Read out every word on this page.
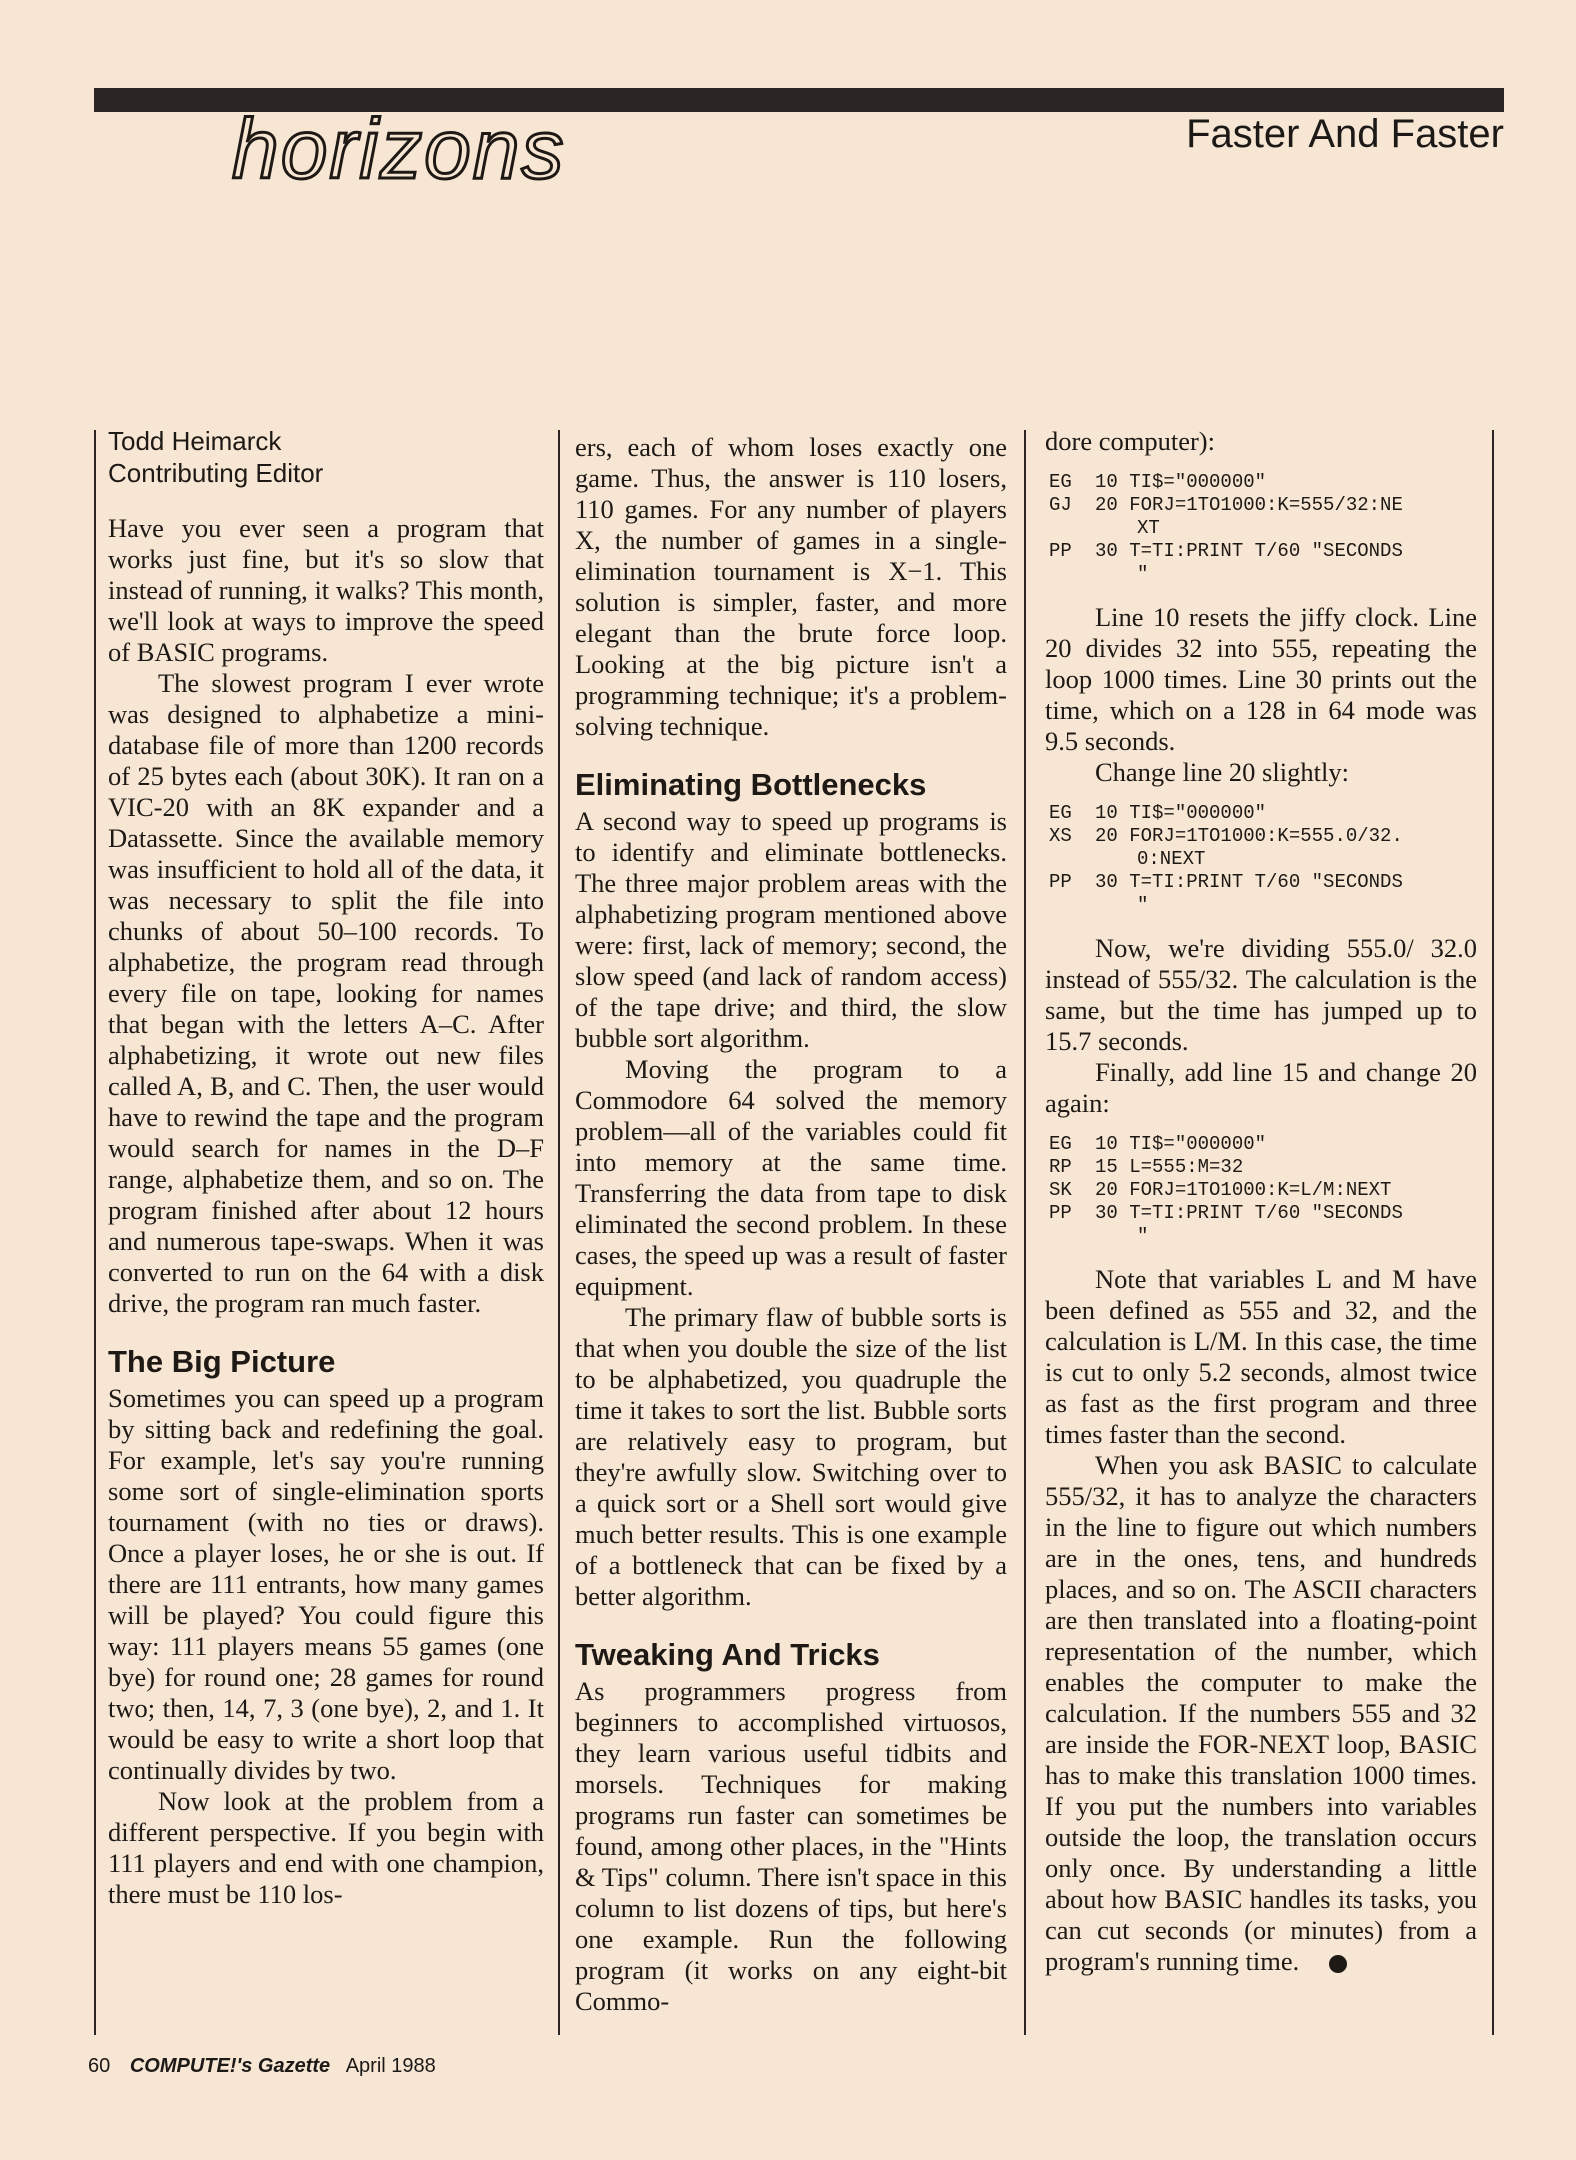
horizons	Faster And Faster
Todd Heimarck
Contributing Editor

Have you ever seen a program that works just fine, but it's so slow that instead of running, it walks? This month, we'll look at ways to improve the speed of BASIC programs.

The slowest program I ever wrote was designed to alphabetize a mini-database file of more than 1200 records of 25 bytes each (about 30K). It ran on a VIC-20 with an 8K expander and a Datassette. Since the available memory was insufficient to hold all of the data, it was necessary to split the file into chunks of about 50–100 records. To alphabetize, the program read through every file on tape, looking for names that began with the letters A–C. After alphabetizing, it wrote out new files called A, B, and C. Then, the user would have to rewind the tape and the program would search for names in the D–F range, alphabetize them, and so on. The program finished after about 12 hours and numerous tape-swaps. When it was converted to run on the 64 with a disk drive, the program ran much faster.

The Big Picture

Sometimes you can speed up a program by sitting back and redefining the goal. For example, let's say you're running some sort of single-elimination sports tournament (with no ties or draws). Once a player loses, he or she is out. If there are 111 entrants, how many games will be played? You could figure this way: 111 players means 55 games (one bye) for round one; 28 games for round two; then, 14, 7, 3 (one bye), 2, and 1. It would be easy to write a short loop that continually divides by two.

Now look at the problem from a different perspective. If you begin with 111 players and end with one champion, there must be 110 los-

ers, each of whom loses exactly one game. Thus, the answer is 110 losers, 110 games. For any number of players X, the number of games in a single-elimination tournament is X−1. This solution is simpler, faster, and more elegant than the brute force loop. Looking at the big picture isn't a programming technique; it's a problem-solving technique.

Eliminating Bottlenecks

A second way to speed up programs is to identify and eliminate bottlenecks. The three major problem areas with the alphabetizing program mentioned above were: first, lack of memory; second, the slow speed (and lack of random access) of the tape drive; and third, the slow bubble sort algorithm.

Moving the program to a Commodore 64 solved the memory problem—all of the variables could fit into memory at the same time. Transferring the data from tape to disk eliminated the second problem. In these cases, the speed up was a result of faster equipment.

The primary flaw of bubble sorts is that when you double the size of the list to be alphabetized, you quadruple the time it takes to sort the list. Bubble sorts are relatively easy to program, but they're awfully slow. Switching over to a quick sort or a Shell sort would give much better results. This is one example of a bottleneck that can be fixed by a better algorithm.

Tweaking And Tricks

As programmers progress from beginners to accomplished virtuosos, they learn various useful tidbits and morsels. Techniques for making programs run faster can sometimes be found, among other places, in the "Hints & Tips" column. There isn't space in this column to list dozens of tips, but here's one example. Run the following program (it works on any eight-bit Commo-

dore computer):

EG	10 TI$="000000"
GJ	20 FORJ=1TO1000:K=555/32:NE
XT
PP	30 T=TI:PRINT T/60 "SECONDS
"

Line 10 resets the jiffy clock. Line 20 divides 32 into 555, repeating the loop 1000 times. Line 30 prints out the time, which on a 128 in 64 mode was 9.5 seconds.

Change line 20 slightly:

EG	10 TI$="000000"
XS	20 FORJ=1TO1000:K=555.0/32.
0:NEXT
PP	30 T=TI:PRINT T/60 "SECONDS
"

Now, we're dividing 555.0/ 32.0 instead of 555/32. The calculation is the same, but the time has jumped up to 15.7 seconds.

Finally, add line 15 and change 20 again:

EG	10 TI$="000000"
RP	15 L=555:M=32
SK	20 FORJ=1TO1000:K=L/M:NEXT
PP	30 T=TI:PRINT T/60 "SECONDS
"

Note that variables L and M have been defined as 555 and 32, and the calculation is L/M. In this case, the time is cut to only 5.2 seconds, almost twice as fast as the first program and three times faster than the second.

When you ask BASIC to calculate 555/32, it has to analyze the characters in the line to figure out which numbers are in the ones, tens, and hundreds places, and so on. The ASCII characters are then translated into a floating-point representation of the number, which enables the computer to make the calculation. If the numbers 555 and 32 are inside the FOR-NEXT loop, BASIC has to make this translation 1000 times. If you put the numbers into variables outside the loop, the translation occurs only once. By understanding a little about how BASIC handles its tasks, you can cut seconds (or minutes) from a program's running time.

60 COMPUTE!'s Gazette April 1988
